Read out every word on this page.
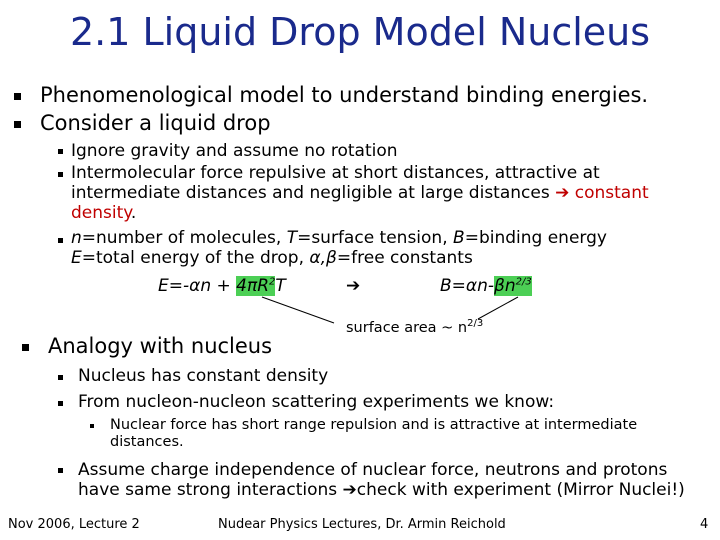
2.1 Liquid Drop Model Nucleus
Phenomenological model to understand binding energies.
Consider a liquid drop
Ignore gravity and assume no rotation
Intermolecular force repulsive at short distances, attractive at
intermediate distances and negligible at large distances ➔ constant
density.
n=number of molecules, T=surface tension, B=binding energy
E=total energy of the drop, α,β=free constants
$E=-\alpha n + 4\pi R^2T$	➔	$B=\alpha n-\beta n^{2/3}$
surface area ~ $n^{2/3}$
Analogy with nucleus
Nucleus has constant density
From nucleon-nucleon scattering experiments we know:
Nuclear force has short range repulsion and is attractive at intermediate
distances.
Assume charge independence of nuclear force, neutrons and protons
have same strong interactions ➔check with experiment (Mirror Nuclei!)
Nov 2006, Lecture 2	Nudear Physics Lectures, Dr. Armin Reichold	4
